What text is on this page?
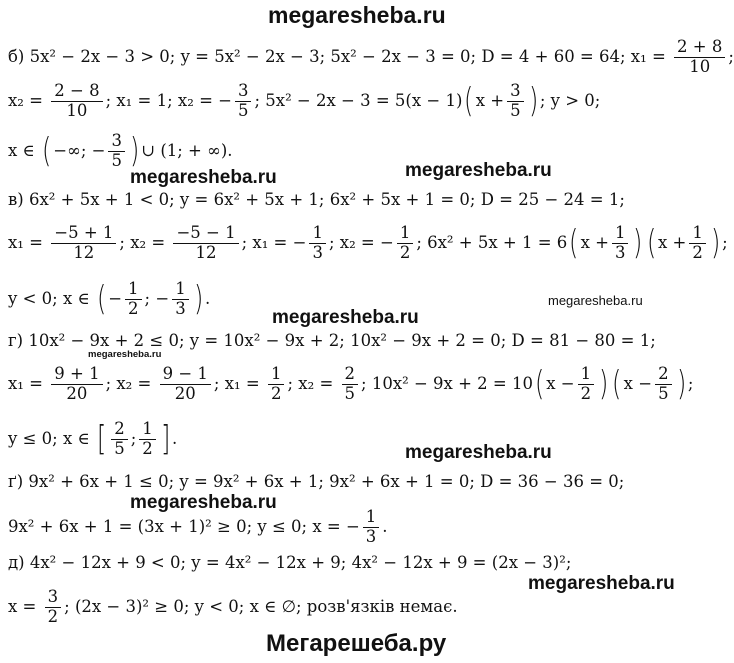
megaresheba.ru
megaresheba.ru
megaresheba.ru
megaresheba.ru
megaresheba.ru
megaresheba.ru
megaresheba.ru
megaresheba.ru
megaresheba.ru
Мегарешеба.ру
б) 5x² − 2x − 3 > 0; y = 5x² − 2x − 3; 5x² − 2x − 3 = 0; D = 4 + 60 = 64; $x_1 = \frac{2 + 8}{10}$ ;
$x_2 = \frac{2 - 8}{10}$ ; x₁ = 1; x₂ = − $\frac{3}{5}$ ; 5x² − 2x − 3 = 5(x − 1)( $x + \frac{3}{5}$ ) ; y > 0;
x ∈ ( −∞; − $\frac{3}{5}$ ) ∪ (1; + ∞).
в) 6x² + 5x + 1 < 0; y = 6x² + 5x + 1; 6x² + 5x + 1 = 0; D = 25 − 24 = 1;
$x_1 = \frac{-5 + 1}{12}$ ; $x_2 = \frac{-5 - 1}{12}$ ; x₁ = − $\frac{1}{3}$ ; x₂ = − $\frac{1}{2}$ ; 6x² + 5x + 1 = 6( $x + \frac{1}{3}$ ) ( $x + \frac{1}{2}$ ) ;
y < 0; x ∈ ( − $\frac{1}{2}$ ; − $\frac{1}{3}$ ) .
г) 10x² − 9x + 2 ≤ 0; y = 10x² − 9x + 2; 10x² − 9x + 2 = 0; D = 81 − 80 = 1;
$x_1 = \frac{9 + 1}{20}$ ; $x_2 = \frac{9 - 1}{20}$ ; $x_1 = \frac{1}{2}$ ; $x_2 = \frac{2}{5}$ ; 10x² − 9x + 2 = 10( $x - \frac{1}{2}$ ) ( $x - \frac{2}{5}$ ) ;
y ≤ 0; x ∈ [ $\frac{2}{5}$ ; $\frac{1}{2}$ ] .
ґ) 9x² + 6x + 1 ≤ 0; y = 9x² + 6x + 1; 9x² + 6x + 1 = 0; D = 36 − 36 = 0;
9x² + 6x + 1 = (3x + 1)² ≥ 0; y ≤ 0; x = − $\frac{1}{3}$ .
д) 4x² − 12x + 9 < 0; y = 4x² − 12x + 9; 4x² − 12x + 9 = (2x − 3)²;
$x = \frac{3}{2}$ ; (2x − 3)² ≥ 0; y < 0; x ∈ ∅; розв'язків немає.
